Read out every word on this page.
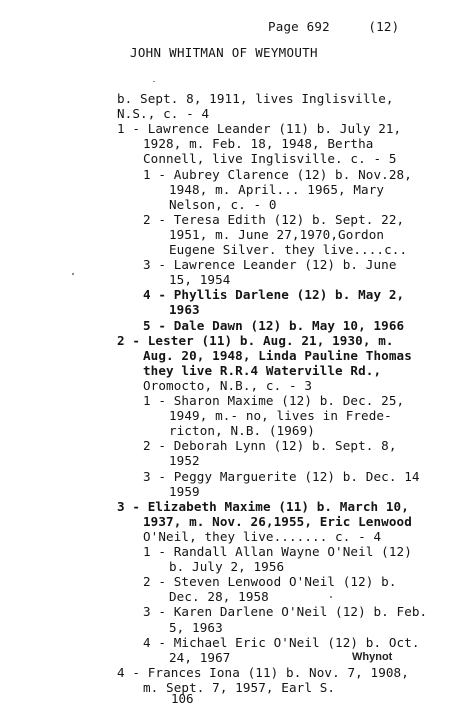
Page 692     (12)
JOHN WHITMAN OF WEYMOUTH
b. Sept. 8, 1911, lives Inglisville,
N.S., c. - 4
1 - Lawrence Leander (11) b. July 21,
1928, m. Feb. 18, 1948, Bertha
Connell, live Inglisville. c. - 5
1 - Aubrey Clarence (12) b. Nov.28,
1948, m. April... 1965, Mary
Nelson, c. - 0
2 - Teresa Edith (12) b. Sept. 22,
1951, m. June 27,1970,Gordon
Eugene Silver. they live....c..
3 - Lawrence Leander (12) b. June
15, 1954
4 - Phyllis Darlene (12) b. May 2,
1963
5 - Dale Dawn (12) b. May 10, 1966
2 - Lester (11) b. Aug. 21, 1930, m.
Aug. 20, 1948, Linda Pauline Thomas
they live R.R.4 Waterville Rd.,
Oromocto, N.B., c. - 3
1 - Sharon Maxime (12) b. Dec. 25,
1949, m.- no, lives in Frede-
ricton, N.B. (1969)
2 - Deborah Lynn (12) b. Sept. 8,
1952
3 - Peggy Marguerite (12) b. Dec. 14
1959
3 - Elizabeth Maxime (11) b. March 10,
1937, m. Nov. 26,1955, Eric Lenwood
O'Neil, they live....... c. - 4
1 - Randall Allan Wayne O'Neil (12)
b. July 2, 1956
2 - Steven Lenwood O'Neil (12) b.
Dec. 28, 1958
3 - Karen Darlene O'Neil (12) b. Feb.
5, 1963
4 - Michael Eric O'Neil (12) b. Oct.
24, 1967
4 - Frances Iona (11) b. Nov. 7, 1908,
m. Sept. 7, 1957, Earl S.
Whynot
106
